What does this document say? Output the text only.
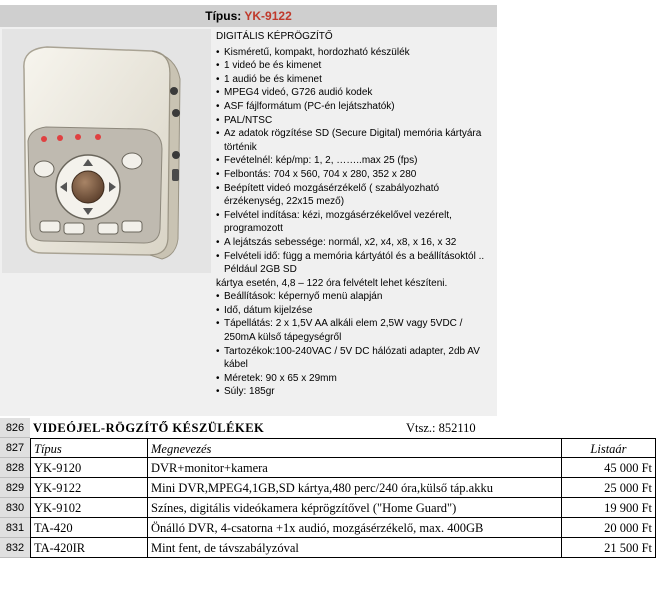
Típus: YK-9122
DIGITÁLIS KÉPRÖGZÍTŐ
• Kisméretű, kompakt, hordozható készülék
• 1 videó be és kimenet
• 1 audió be és kimenet
• MPEG4 videó, G726 audió kodek
• ASF fájlformátum (PC-én lejátszhatók)
• PAL/NTSC
• Az adatok rögzítése SD (Secure Digital) memória kártyára történik
• Fevételnél: kép/mp: 1, 2, ……..max 25 (fps)
• Felbontás: 704 x 560, 704 x 280, 352 x 280
• Beépített videó mozgásérzékelő ( szabályozható érzékenység, 22x15 mező)
• Felvétel indítása: kézi, mozgásérzékelővel vezérelt, programozott
• A lejátszás sebessége: normál, x2, x4, x8, x 16, x 32
• Felvételi idő: függ a memória kártyától és a beállításoktól .. Például 2GB SD
kártya esetén, 4,8 – 122 óra felvételt lehet készíteni.
• Beállítások: képernyő menü alapján
• Idő, dátum kijelzése
• Tápellátás: 2 x 1,5V AA alkáli elem 2,5W vagy 5VDC / 250mA külső tápegységről
• Tartozékok:100-240VAC / 5V DC hálózati adapter, 2db AV kábel
• Méretek: 90 x 65 x 29mm
• Súly: 185gr
826 VIDEÓJEL-RÖGZÍTŐ KÉSZÜLÉKEK	Vtsz.: 852110
827 Típus	Megnevezés	Listaár
828 YK-9120	DVR+monitor+kamera	45 000 Ft
829 YK-9122	Mini DVR,MPEG4,1GB,SD kártya,480 perc/240 óra,külső táp.akku	25 000 Ft
830 YK-9102	Színes, digitális videókamera képrögzítővel ("Home Guard")	19 900 Ft
831 TA-420	Önálló DVR, 4-csatorna +1x audió, mozgásérzékelő, max. 400GB	20 000 Ft
832 TA-420IR	Mint fent, de távszabályzóval	21 500 Ft
